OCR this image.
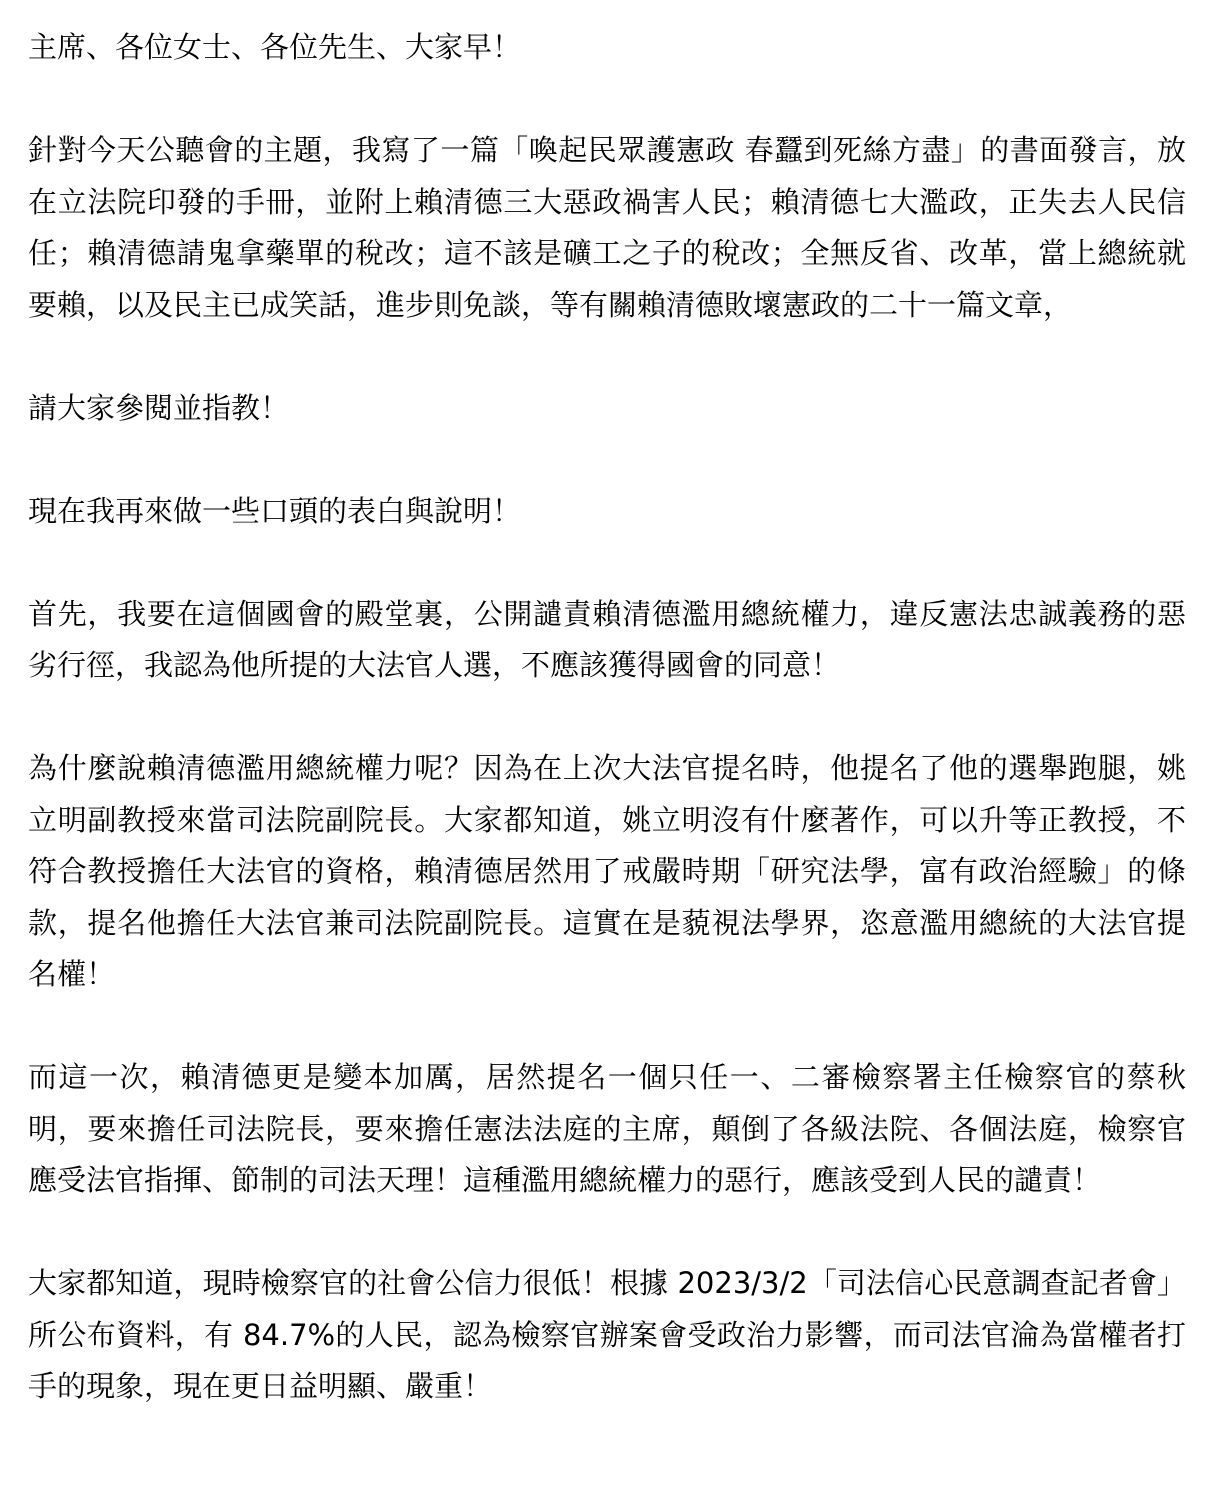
主席、各位女士、各位先生、大家早！

針對今天公聽會的主題，我寫了一篇「喚起民眾護憲政 春蠶到死絲方盡」的書面發言，放在立法院印發的手冊，並附上賴清德三大惡政禍害人民；賴清德七大濫政，正失去人民信任；賴清德請鬼拿藥單的稅改；這不該是礦工之子的稅改；全無反省、改革，當上總統就要賴，以及民主已成笑話，進步則免談，等有關賴清德敗壞憲政的二十一篇文章，

請大家參閱並指教！

現在我再來做一些口頭的表白與說明！

首先，我要在這個國會的殿堂裏，公開譴責賴清德濫用總統權力，違反憲法忠誠義務的惡劣行徑，我認為他所提的大法官人選，不應該獲得國會的同意！

為什麼說賴清德濫用總統權力呢？因為在上次大法官提名時，他提名了他的選舉跑腿，姚立明副教授來當司法院副院長。大家都知道，姚立明沒有什麼著作，可以升等正教授，不符合教授擔任大法官的資格，賴清德居然用了戒嚴時期「研究法學，富有政治經驗」的條款，提名他擔任大法官兼司法院副院長。這實在是藐視法學界，恣意濫用總統的大法官提名權！

而這一次，賴清德更是變本加厲，居然提名一個只任一、二審檢察署主任檢察官的蔡秋明，要來擔任司法院長，要來擔任憲法法庭的主席，顛倒了各級法院、各個法庭，檢察官應受法官指揮、節制的司法天理！這種濫用總統權力的惡行，應該受到人民的譴責！

大家都知道，現時檢察官的社會公信力很低！根據 2023/3/2「司法信心民意調查記者會」所公布資料，有 84.7%的人民，認為檢察官辦案會受政治力影響，而司法官淪為當權者打手的現象，現在更日益明顯、嚴重！
